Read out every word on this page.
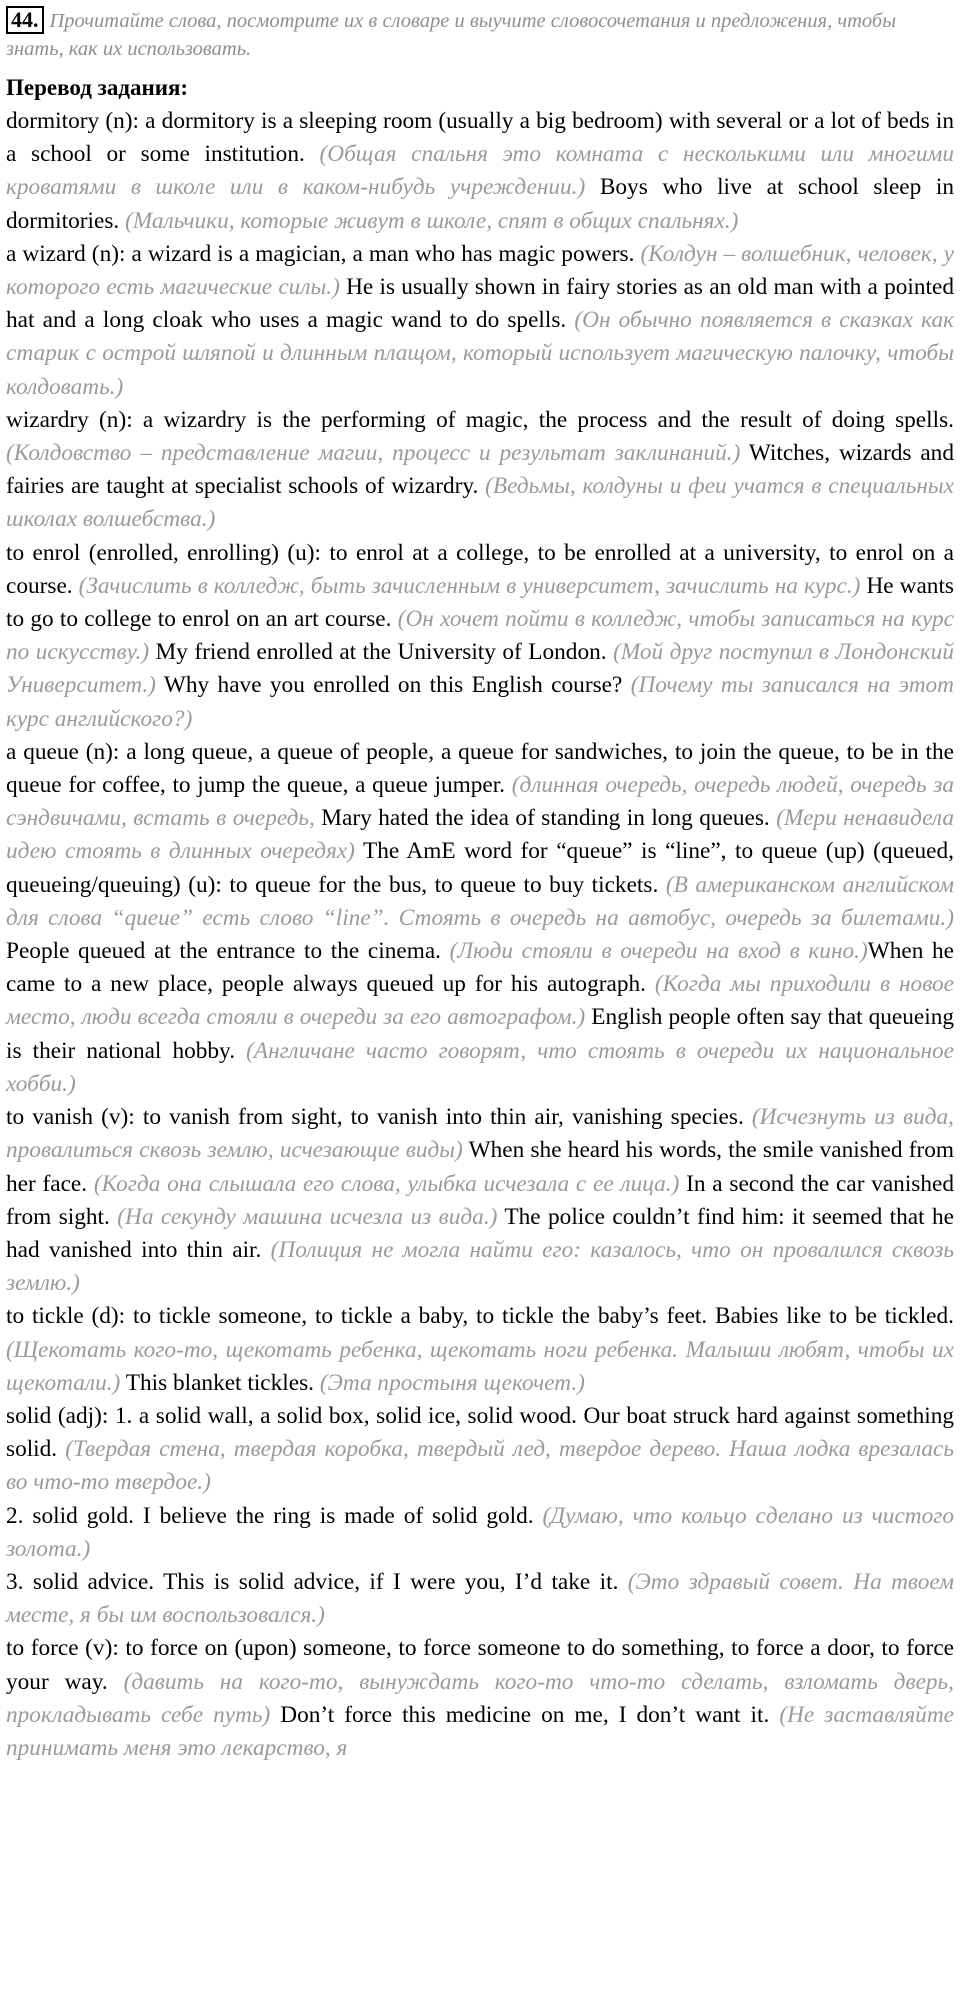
44. Прочитайте слова, посмотрите их в словаре и выучите словосочетания и предложения, чтобы знать, как их использовать.
Перевод задания:

dormitory (n): a dormitory is a sleeping room (usually a big bedroom) with several or a lot of beds in a school or some institution. (Общая спальня это комната с несколькими или многими кроватями в школе или в каком-нибудь учреждении.) Boys who live at school sleep in dormitories. (Мальчики, которые живут в школе, спят в общих спальнях.)

a wizard (n): a wizard is a magician, a man who has magic powers. (Колдун – волшебник, человек, у которого есть магические силы.) He is usually shown in fairy stories as an old man with a pointed hat and a long cloak who uses a magic wand to do spells. (Он обычно появляется в сказках как старик с острой шляпой и длинным плащом, который использует магическую палочку, чтобы колдовать.)

wizardry (n): a wizardry is the performing of magic, the process and the result of doing spells. (Колдовство – представление магии, процесс и результат заклинаний.) Witches, wizards and fairies are taught at specialist schools of wizardry. (Ведьмы, колдуны и феи учатся в специальных школах волшебства.)

to enrol (enrolled, enrolling) (u): to enrol at a college, to be enrolled at a university, to enrol on a course. (Зачислить в колледж, быть зачисленным в университет, зачислить на курс.) He wants to go to college to enrol on an art course. (Он хочет пойти в колледж, чтобы записаться на курс по искусству.) My friend enrolled at the University of London. (Мой друг поступил в Лондонский Университет.) Why have you enrolled on this English course? (Почему ты записался на этот курс английского?)

a queue (n): a long queue, a queue of people, a queue for sandwiches, to join the queue, to be in the queue for coffee, to jump the queue, a queue jumper. (длинная очередь, очередь людей, очередь за сэндвичами, встать в очередь, Mary hated the idea of standing in long queues. (Мери ненавидела идею стоять в длинных очередях) The AmE word for “queue” is “line”, to queue (up) (queued, queueing/queuing) (u): to queue for the bus, to queue to buy tickets. (В американском английском для слова “queue” есть слово “line”. Стоять в очередь на автобус, очередь за билетами.) People queued at the entrance to the cinema. (Люди стояли в очереди на вход в кино.)When he came to a new place, people always queued up for his autograph. (Когда мы приходили в новое место, люди всегда стояли в очереди за его автографом.) English people often say that queueing is their national hobby. (Англичане часто говорят, что стоять в очереди их национальное хобби.)

to vanish (v): to vanish from sight, to vanish into thin air, vanishing species. (Исчезнуть из вида, провалиться сквозь землю, исчезающие виды) When she heard his words, the smile vanished from her face. (Когда она слышала его слова, улыбка исчезала с ее лица.) In a second the car vanished from sight. (На секунду машина исчезла из вида.) The police couldn’t find him: it seemed that he had vanished into thin air. (Полиция не могла найти его: казалось, что он провалился сквозь землю.)

to tickle (d): to tickle someone, to tickle a baby, to tickle the baby’s feet. Babies like to be tickled. (Щекотать кого-то, щекотать ребенка, щекотать ноги ребенка. Малыши любят, чтобы их щекотали.) This blanket tickles. (Эта простыня щекочет.)

solid (adj): 1. a solid wall, a solid box, solid ice, solid wood. Our boat struck hard against something solid. (Твердая стена, твердая коробка, твердый лед, твердое дерево. Наша лодка врезалась во что-то твердое.)

2. solid gold. I believe the ring is made of solid gold. (Думаю, что кольцо сделано из чистого золота.)

3. solid advice. This is solid advice, if I were you, I’d take it. (Это здравый совет. На твоем месте, я бы им воспользовался.)

to force (v): to force on (upon) someone, to force someone to do something, to force a door, to force your way. (давить на кого-то, вынуждать кого-то что-то сделать, взломать дверь, прокладывать себе путь) Don’t force this medicine on me, I don’t want it. (Не заставляйте принимать меня это лекарство, я
